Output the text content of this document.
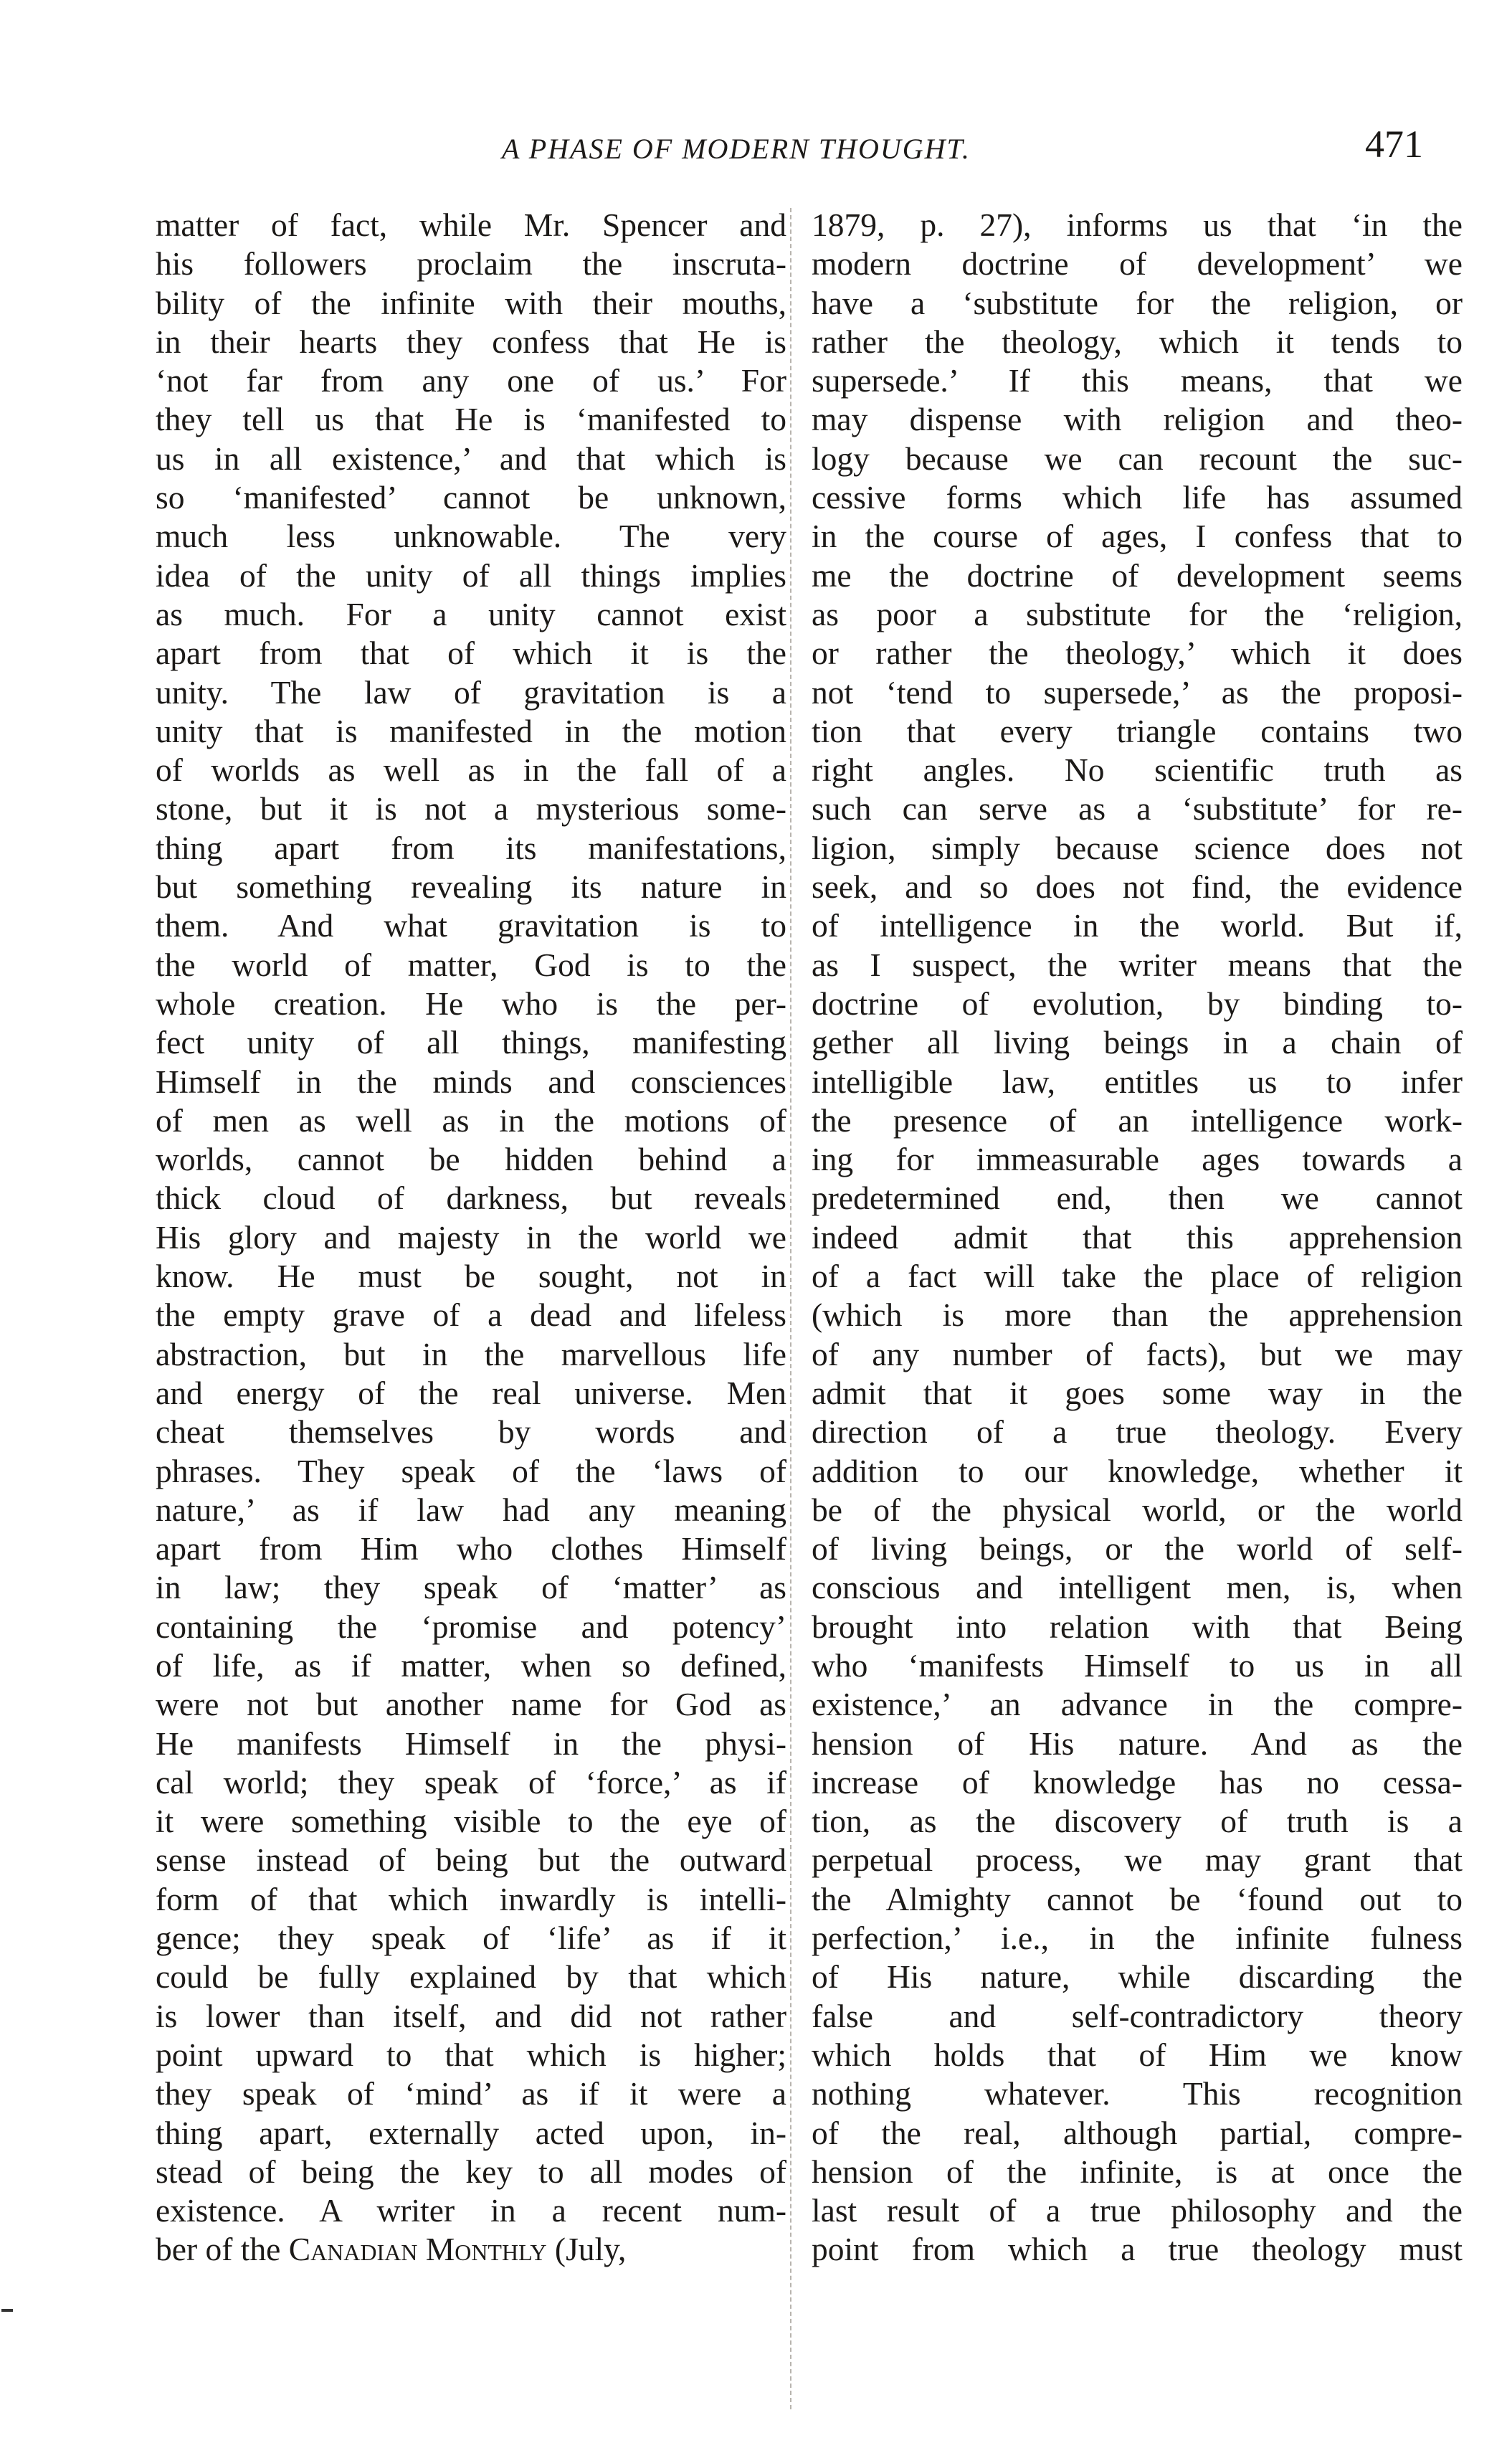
A PHASE OF MODERN THOUGHT.	471
matter of fact, while Mr. Spencer and
his followers proclaim the inscruta-
bility of the infinite with their mouths,
in their hearts they confess that He is
‘not far from any one of us.’ For
they tell us that He is ‘manifested to
us in all existence,’ and that which is
so ‘manifested’ cannot be unknown,
much less unknowable. The very
idea of the unity of all things implies
as much. For a unity cannot exist
apart from that of which it is the
unity. The law of gravitation is a
unity that is manifested in the motion
of worlds as well as in the fall of a
stone, but it is not a mysterious some-
thing apart from its manifestations,
but something revealing its nature in
them. And what gravitation is to
the world of matter, God is to the
whole creation. He who is the per-
fect unity of all things, manifesting
Himself in the minds and consciences
of men as well as in the motions of
worlds, cannot be hidden behind a
thick cloud of darkness, but reveals
His glory and majesty in the world we
know. He must be sought, not in
the empty grave of a dead and lifeless
abstraction, but in the marvellous life
and energy of the real universe. Men
cheat themselves by words and
phrases. They speak of the ‘laws of
nature,’ as if law had any meaning
apart from Him who clothes Himself
in law; they speak of ‘matter’ as
containing the ‘promise and potency’
of life, as if matter, when so defined,
were not but another name for God as
He manifests Himself in the physi-
cal world; they speak of ‘force,’ as if
it were something visible to the eye of
sense instead of being but the outward
form of that which inwardly is intelli-
gence; they speak of ‘life’ as if it
could be fully explained by that which
is lower than itself, and did not rather
point upward to that which is higher;
they speak of ‘mind’ as if it were a
thing apart, externally acted upon, in-
stead of being the key to all modes of
existence. A writer in a recent num-
ber of the Canadian Monthly (July,
1879, p. 27), informs us that ‘in the
modern doctrine of development’ we
have a ‘substitute for the religion, or
rather the theology, which it tends to
supersede.’ If this means, that we
may dispense with religion and theo-
logy because we can recount the suc-
cessive forms which life has assumed
in the course of ages, I confess that to
me the doctrine of development seems
as poor a substitute for the ‘religion,
or rather the theology,’ which it does
not ‘tend to supersede,’ as the proposi-
tion that every triangle contains two
right angles. No scientific truth as
such can serve as a ‘substitute’ for re-
ligion, simply because science does not
seek, and so does not find, the evidence
of intelligence in the world. But if,
as I suspect, the writer means that the
doctrine of evolution, by binding to-
gether all living beings in a chain of
intelligible law, entitles us to infer
the presence of an intelligence work-
ing for immeasurable ages towards a
predetermined end, then we cannot
indeed admit that this apprehension
of a fact will take the place of religion
(which is more than the apprehension
of any number of facts), but we may
admit that it goes some way in the
direction of a true theology. Every
addition to our knowledge, whether it
be of the physical world, or the world
of living beings, or the world of self-
conscious and intelligent men, is, when
brought into relation with that Being
who ‘manifests Himself to us in all
existence,’ an advance in the compre-
hension of His nature. And as the
increase of knowledge has no cessa-
tion, as the discovery of truth is a
perpetual process, we may grant that
the Almighty cannot be ‘found out to
perfection,’ i.e., in the infinite fulness
of His nature, while discarding the
false and self-contradictory theory
which holds that of Him we know
nothing whatever. This recognition
of the real, although partial, compre-
hension of the infinite, is at once the
last result of a true philosophy and the
point from which a true theology must
